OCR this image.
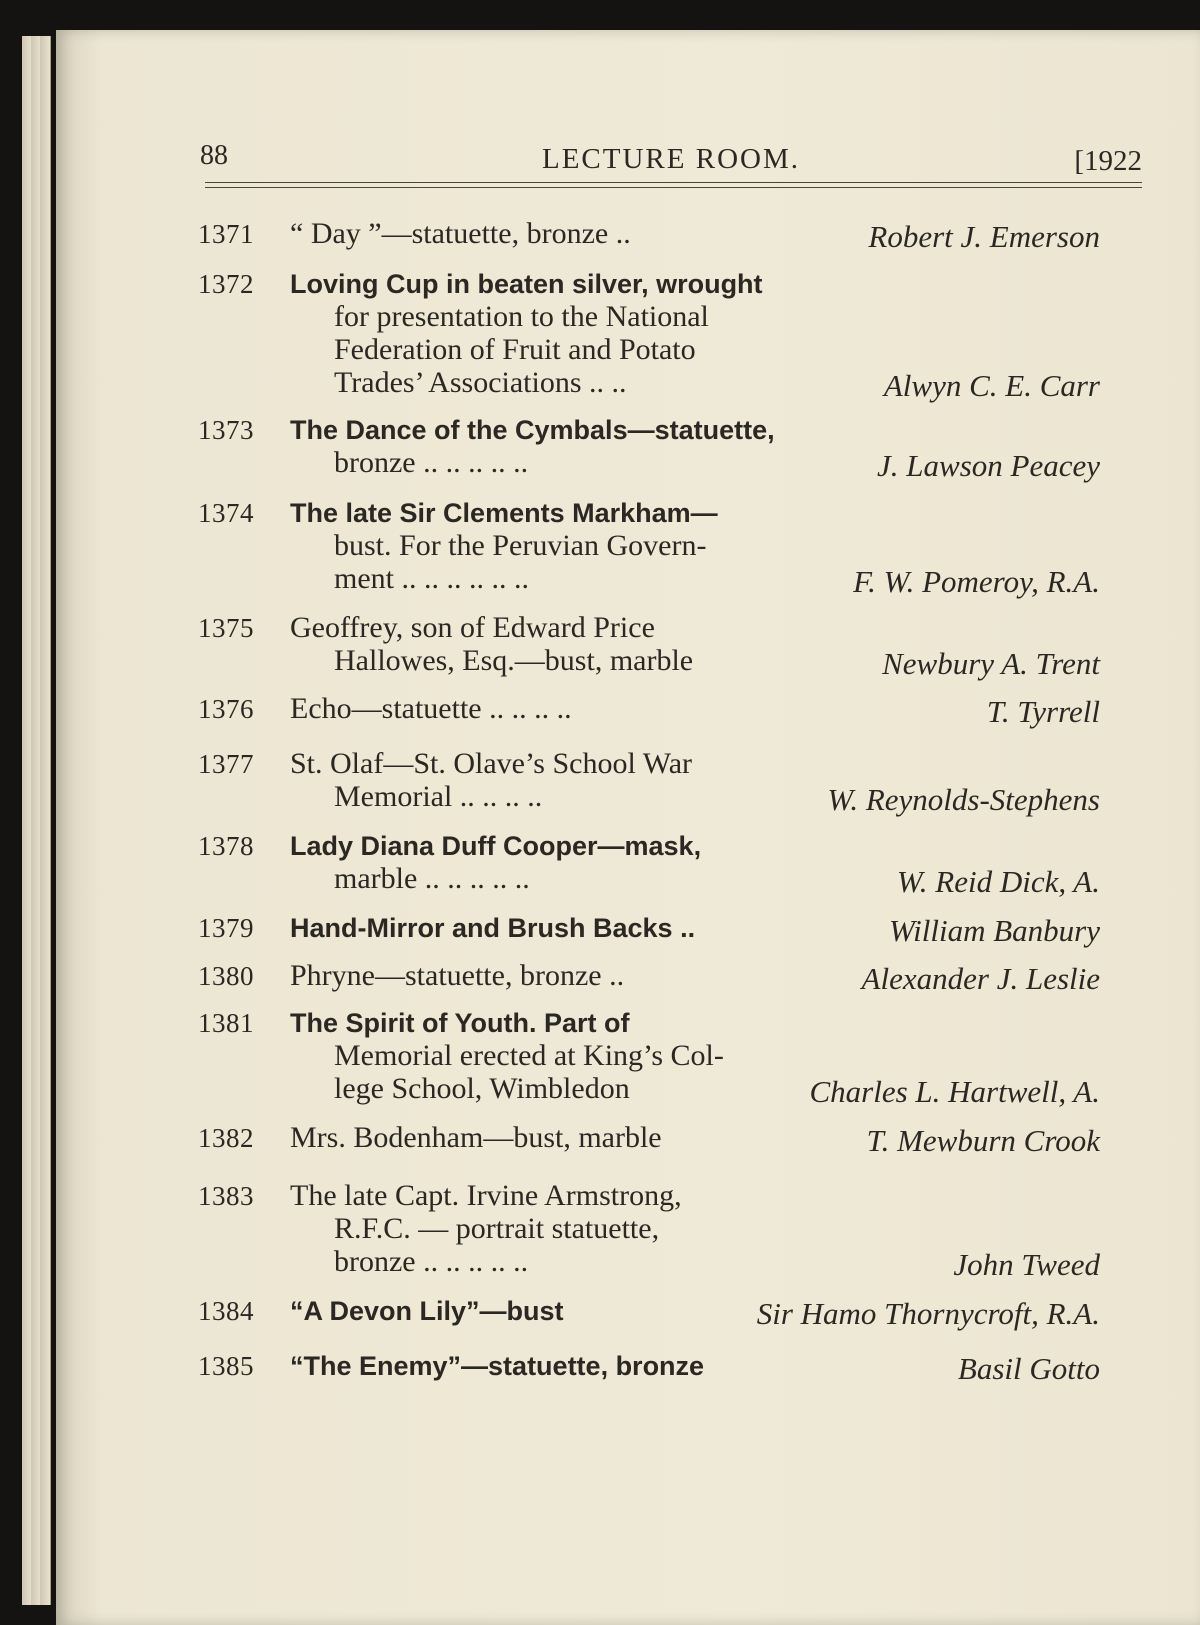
88	LECTURE ROOM.	[1922
1371 “ Day ”—statuette, bronze ..	Robert J. Emerson
1372 Loving Cup in beaten silver, wrought
for presentation to the National
Federation of Fruit and Potato
Trades’ Associations .. ..	Alwyn C. E. Carr
1373 The Dance of the Cymbals—statuette,
bronze .. .. .. .. ..	J. Lawson Peacey
1374 The late Sir Clements Markham—
bust. For the Peruvian Govern-
ment .. .. .. .. .. ..	F. W. Pomeroy, R.A.
1375 Geoffrey, son of Edward Price
Hallowes, Esq.—bust, marble	Newbury A. Trent
1376 Echo—statuette .. .. .. ..	T. Tyrrell
1377 St. Olaf—St. Olave’s School War
Memorial .. .. .. ..	W. Reynolds-Stephens
1378 Lady Diana Duff Cooper—mask,
marble .. .. .. .. ..	W. Reid Dick, A.
1379 Hand-Mirror and Brush Backs ..	William Banbury
1380 Phryne—statuette, bronze ..	Alexander J. Leslie
1381 The Spirit of Youth. Part of
Memorial erected at King’s Col-
lege School, Wimbledon	Charles L. Hartwell, A.
1382 Mrs. Bodenham—bust, marble	T. Mewburn Crook
1383 The late Capt. Irvine Armstrong,
R.F.C. — portrait statuette,
bronze .. .. .. .. ..	John Tweed
1384 “A Devon Lily”—bust	Sir Hamo Thornycroft, R.A.
1385 “The Enemy”—statuette, bronze	Basil Gotto
